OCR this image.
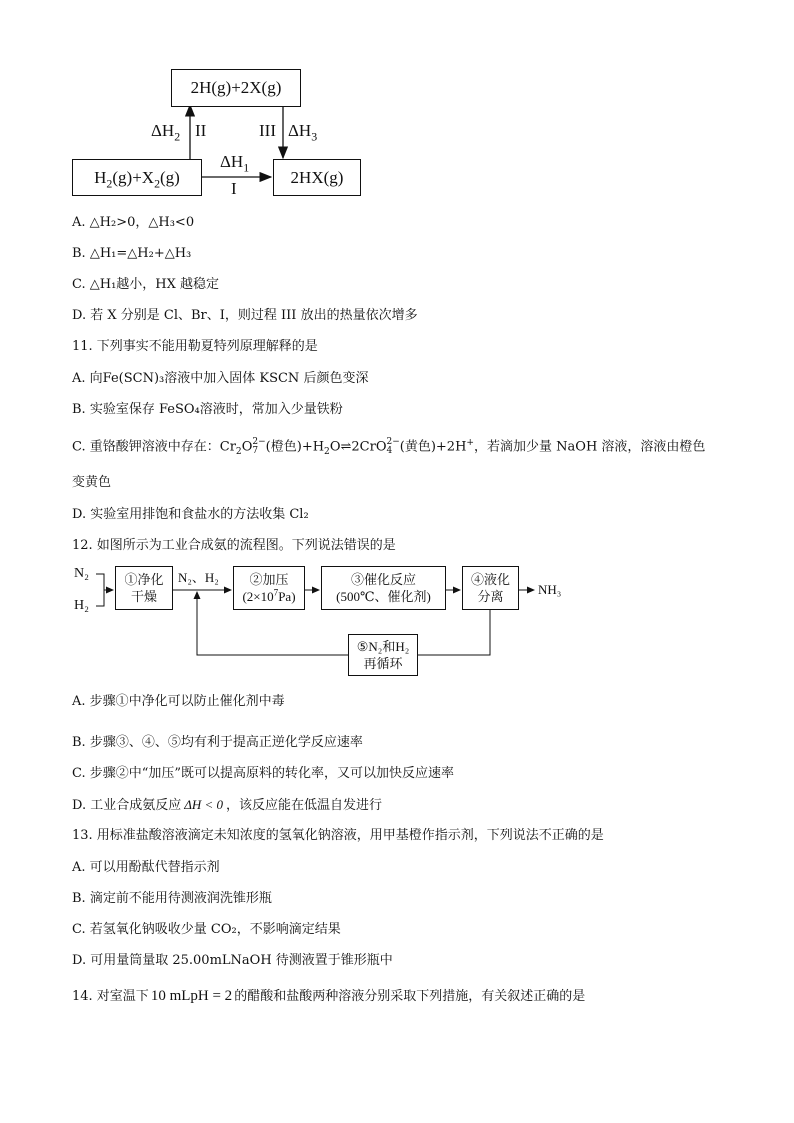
2H(g)+2X(g)
$H_2(g)+X_2(g)$	2HX(g)
$\Delta H_2$ II	III $\Delta H_3$
$\Delta H_1$
I
A. △H₂>0，△H₃<0
B. △H₁=△H₂+△H₃
C. △H₁越小，HX 越稳定
D. 若 X 分别是 Cl、Br、I，则过程 III 放出的热量依次增多
11. 下列事实不能用勒夏特列原理解释的是
A. 向Fe(SCN)₃溶液中加入固体 KSCN 后颜色变深
B. 实验室保存 FeSO₄溶液时，常加入少量铁粉
C. 重铬酸钾溶液中存在：$Cr_2O$ 2−
7 (橙色)$+H_2O\rightleftharpoons 2CrO$ 2−
4 (黄色)+2H+，若滴加少量 NaOH 溶液，溶液由橙色
变黄色
D. 实验室用排饱和食盐水的方法收集 Cl₂
12. 如图所示为工业合成氨的流程图。下列说法错误的是
N₂
H₂
①净化
干燥
N₂、H₂ ②加压
$(2\times 10^7Pa)$
③催化反应
(500℃、催化剂)
④液化
分离	NH₃
⑤N₂和H₂
再循环
A. 步骤①中净化可以防止催化剂中毒
B. 步骤③、④、⑤均有利于提高正逆化学反应速率
C. 步骤②中“加压”既可以提高原料的转化率，又可以加快反应速率
D. 工业合成氨反应 ΔH < 0 ，该反应能在低温自发进行
13. 用标准盐酸溶液滴定未知浓度的氢氧化钠溶液，用甲基橙作指示剂，下列说法不正确的是
A. 可以用酚酞代替指示剂
B. 滴定前不能用待测液润洗锥形瓶
C. 若氢氧化钠吸收少量 CO₂，不影响滴定结果
D. 可用量筒量取 25.00mLNaOH 待测液置于锥形瓶中
14. 对室温下 10 mLpH = 2 的醋酸和盐酸两种溶液分别采取下列措施，有关叙述正确的是
